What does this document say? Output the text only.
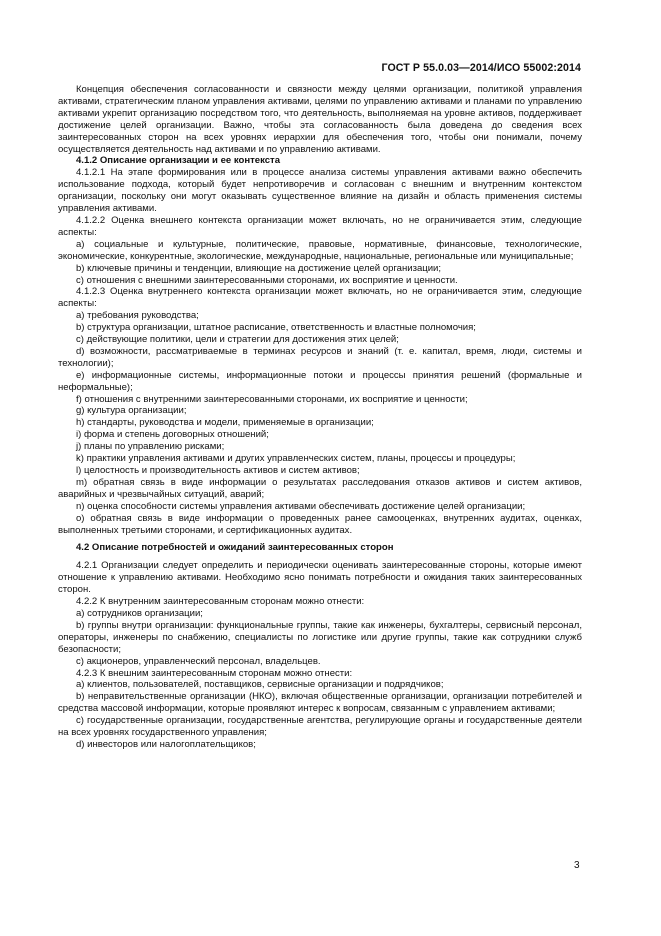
ГОСТ Р 55.0.03—2014/ИСО 55002:2014

Концепция обеспечения согласованности и связности между целями организации, политикой управления активами, стратегическим планом управления активами, целями по управлению активами и планами по управлению активами укрепит организацию посредством того, что деятельность, выполняемая на уровне активов, поддерживает достижение целей организации. Важно, чтобы эта согласованность была доведена до сведения всех заинтересованных сторон на всех уровнях иерархии для обеспечения того, чтобы они понимали, почему осуществляется деятельность над активами и по управлению активами.

4.1.2 Описание организации и ее контекста

4.1.2.1 На этапе формирования или в процессе анализа системы управления активами важно обеспечить использование подхода, который будет непротиворечив и согласован с внешним и внутренним контекстом организации, поскольку они могут оказывать существенное влияние на дизайн и область применения системы управления активами.

4.1.2.2 Оценка внешнего контекста организации может включать, но не ограничивается этим, следующие аспекты:

a) социальные и культурные, политические, правовые, нормативные, финансовые, технологические, экономические, конкурентные, экологические, международные, национальные, региональные или муниципальные;

b) ключевые причины и тенденции, влияющие на достижение целей организации;

c) отношения с внешними заинтересованными сторонами, их восприятие и ценности.

4.1.2.3 Оценка внутреннего контекста организации может включать, но не ограничивается этим, следующие аспекты:

a) требования руководства;

b) структура организации, штатное расписание, ответственность и властные полномочия;

c) действующие политики, цели и стратегии для достижения этих целей;

d) возможности, рассматриваемые в терминах ресурсов и знаний (т. е. капитал, время, люди, системы и технологии);

e) информационные системы, информационные потоки и процессы принятия решений (формальные и неформальные);

f) отношения с внутренними заинтересованными сторонами, их восприятие и ценности;

g) культура организации;

h) стандарты, руководства и модели, применяемые в организации;

i) форма и степень договорных отношений;

j) планы по управлению рисками;

k) практики управления активами и других управленческих систем, планы, процессы и процедуры;

l) целостность и производительность активов и систем активов;

m) обратная связь в виде информации о результатах расследования отказов активов и систем активов, аварийных и чрезвычайных ситуаций, аварий;

n) оценка способности системы управления активами обеспечивать достижение целей организации;

o) обратная связь в виде информации о проведенных ранее самооценках, внутренних аудитах, оценках, выполненных третьими сторонами, и сертификационных аудитах.

4.2 Описание потребностей и ожиданий заинтересованных сторон

4.2.1 Организации следует определить и периодически оценивать заинтересованные стороны, которые имеют отношение к управлению активами. Необходимо ясно понимать потребности и ожидания таких заинтересованных сторон.

4.2.2 К внутренним заинтересованным сторонам можно отнести:

a) сотрудников организации;

b) группы внутри организации: функциональные группы, такие как инженеры, бухгалтеры, сервисный персонал, операторы, инженеры по снабжению, специалисты по логистике или другие группы, такие как сотрудники служб безопасности;

c) акционеров, управленческий персонал, владельцев.

4.2.3 К внешним заинтересованным сторонам можно отнести:

a) клиентов, пользователей, поставщиков, сервисные организации и подрядчиков;

b) неправительственные организации (НКО), включая общественные организации, организации потребителей и средства массовой информации, которые проявляют интерес к вопросам, связанным с управлением активами;

c) государственные организации, государственные агентства, регулирующие органы и государственные деятели на всех уровнях государственного управления;

d) инвесторов или налогоплательщиков;

3
